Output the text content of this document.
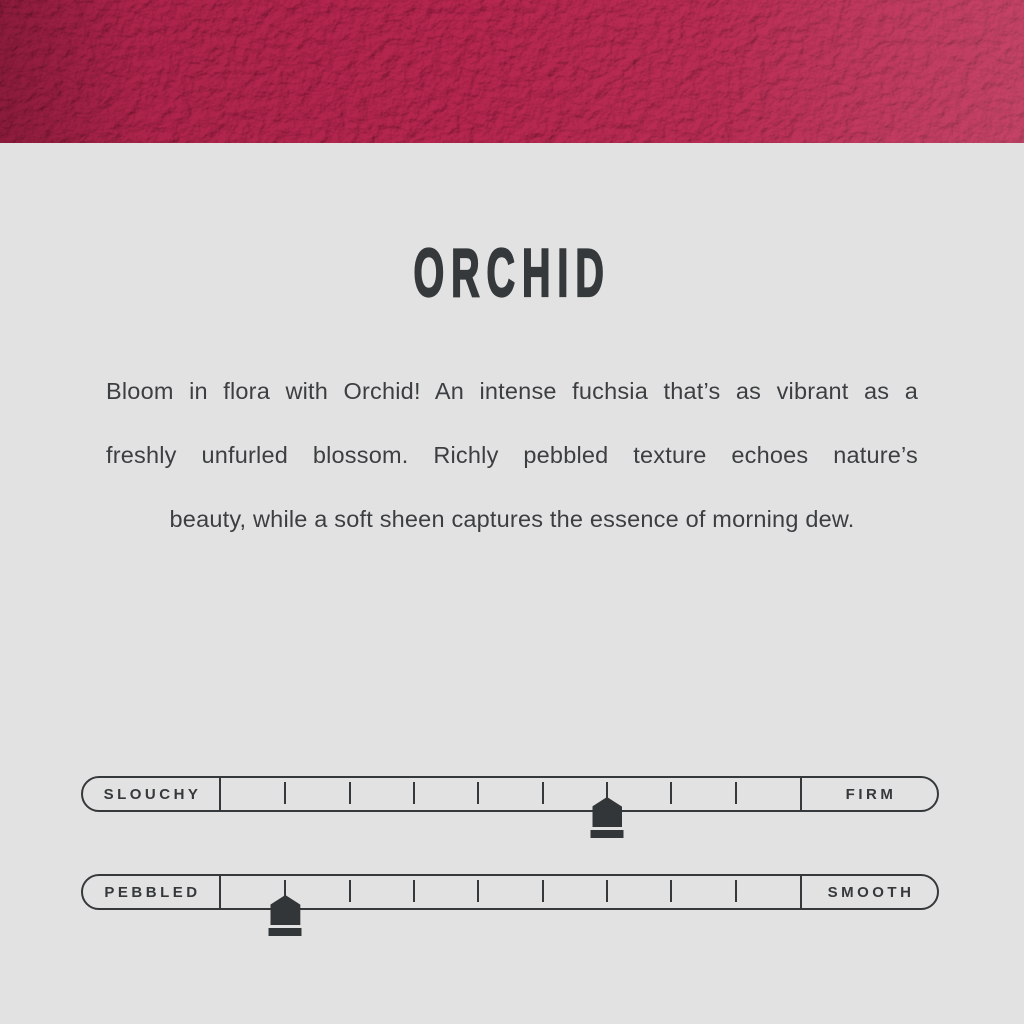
ORCHID

Bloom in flora with Orchid! An intense fuchsia that’s as vibrant as a

freshly unfurled blossom. Richly pebbled texture echoes nature’s

beauty, while a soft sheen captures the essence of morning dew.

SLOUCHY	FIRM
PEBBLED	SMOOTH
